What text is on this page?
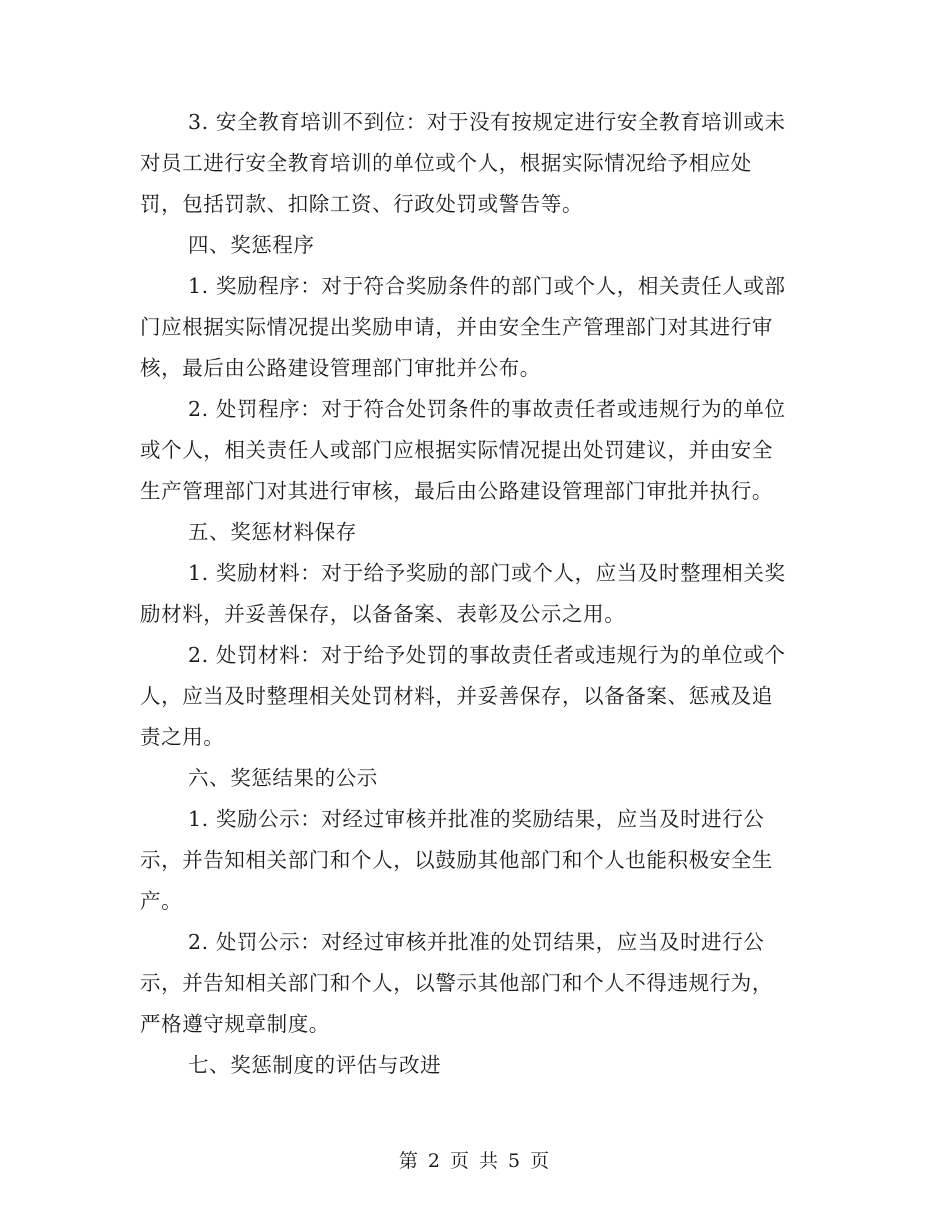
3. 安全教育培训不到位：对于没有按规定进行安全教育培训或未
对员工进行安全教育培训的单位或个人，根据实际情况给予相应处
罚，包括罚款、扣除工资、行政处罚或警告等。
四、奖惩程序
1. 奖励程序：对于符合奖励条件的部门或个人，相关责任人或部
门应根据实际情况提出奖励申请，并由安全生产管理部门对其进行审
核，最后由公路建设管理部门审批并公布。
2. 处罚程序：对于符合处罚条件的事故责任者或违规行为的单位
或个人，相关责任人或部门应根据实际情况提出处罚建议，并由安全
生产管理部门对其进行审核，最后由公路建设管理部门审批并执行。
五、奖惩材料保存
1. 奖励材料：对于给予奖励的部门或个人，应当及时整理相关奖
励材料，并妥善保存，以备备案、表彰及公示之用。
2. 处罚材料：对于给予处罚的事故责任者或违规行为的单位或个
人，应当及时整理相关处罚材料，并妥善保存，以备备案、惩戒及追
责之用。
六、奖惩结果的公示
1. 奖励公示：对经过审核并批准的奖励结果，应当及时进行公
示，并告知相关部门和个人，以鼓励其他部门和个人也能积极安全生
产。
2. 处罚公示：对经过审核并批准的处罚结果，应当及时进行公
示，并告知相关部门和个人，以警示其他部门和个人不得违规行为，
严格遵守规章制度。
七、奖惩制度的评估与改进
第 2 页 共 5 页
